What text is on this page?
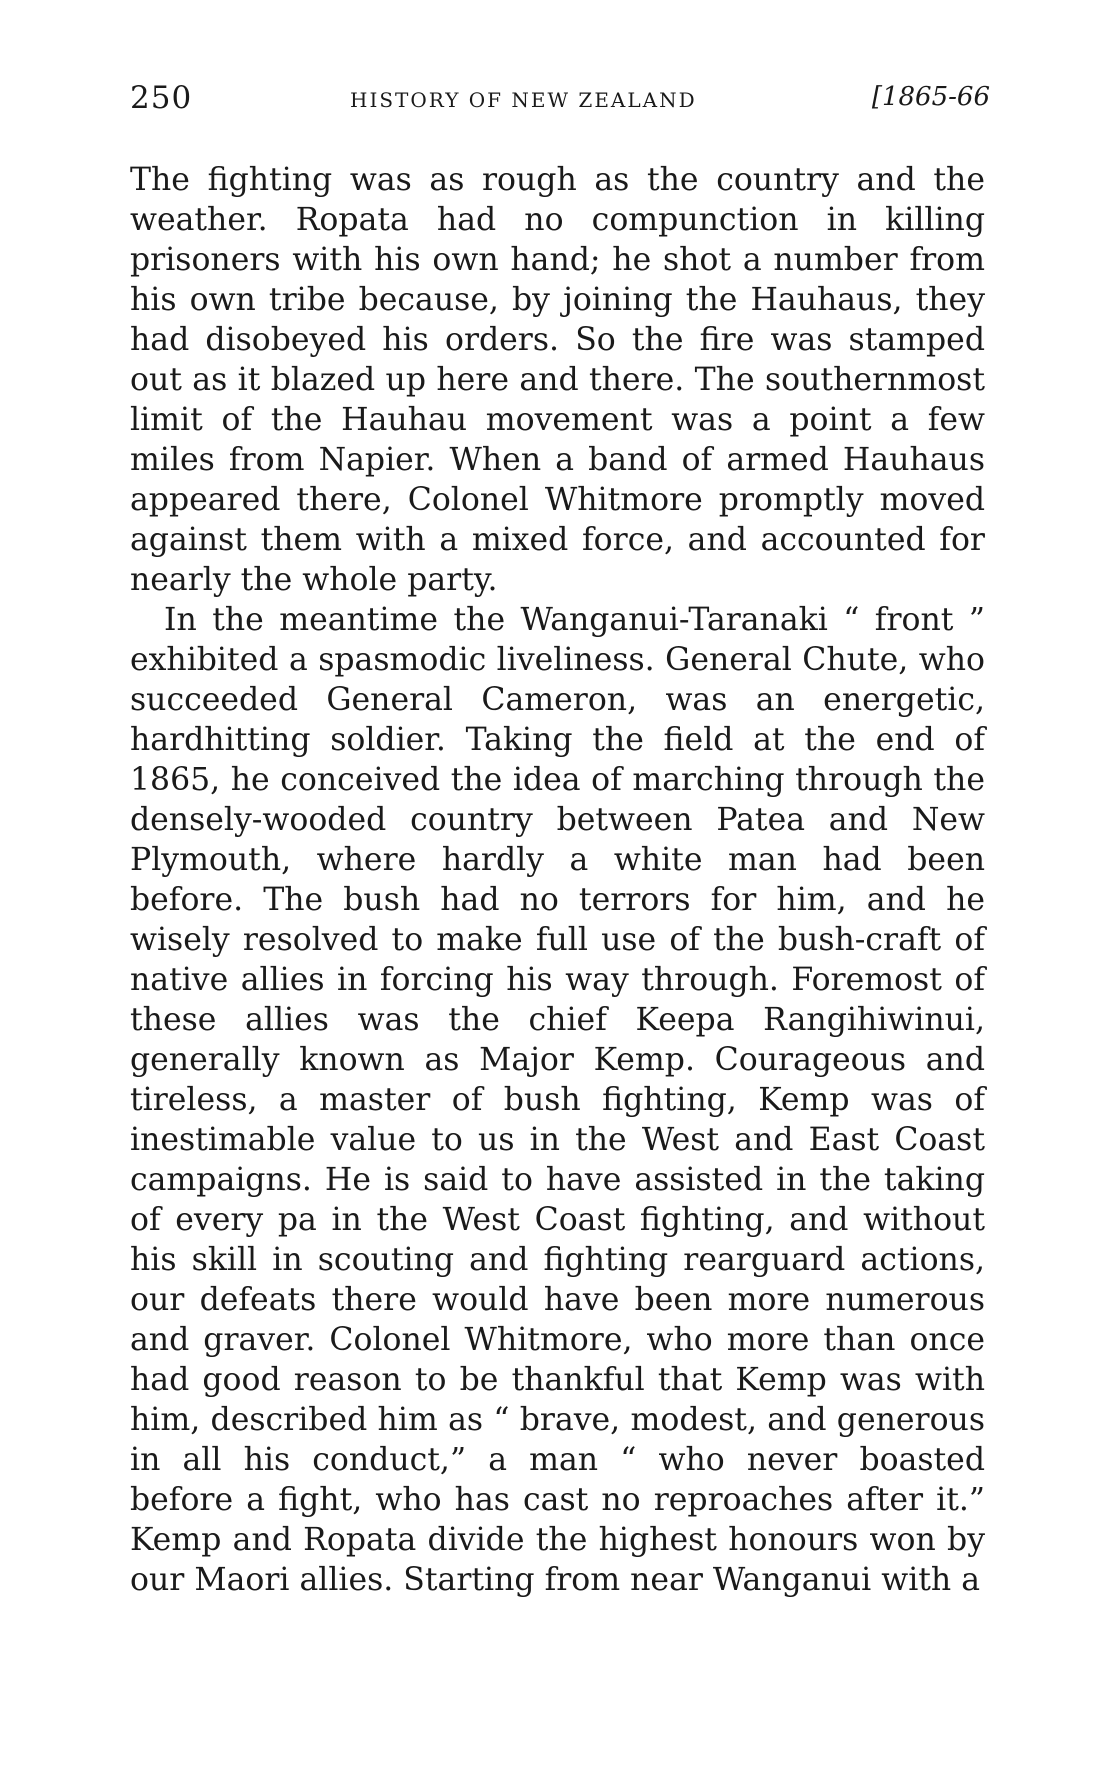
250	HISTORY OF NEW ZEALAND	[1865-66

The fighting was as rough as the country and the weather. Ropata had no compunction in killing prisoners with his own hand; he shot a number from his own tribe because, by joining the Hauhaus, they had disobeyed his orders. So the fire was stamped out as it blazed up here and there. The southernmost limit of the Hauhau movement was a point a few miles from Napier. When a band of armed Hauhaus appeared there, Colonel Whitmore promptly moved against them with a mixed force, and accounted for nearly the whole party.

In the meantime the Wanganui-Taranaki “ front ” exhibited a spasmodic liveliness. General Chute, who succeeded General Cameron, was an energetic, hardhitting soldier. Taking the field at the end of 1865, he conceived the idea of marching through the densely-wooded country between Patea and New Plymouth, where hardly a white man had been before. The bush had no terrors for him, and he wisely resolved to make full use of the bush-craft of native allies in forcing his way through. Foremost of these allies was the chief Keepa Rangihiwinui, generally known as Major Kemp. Courageous and tireless, a master of bush fighting, Kemp was of inestimable value to us in the West and East Coast campaigns. He is said to have assisted in the taking of every pa in the West Coast fighting, and without his skill in scouting and fighting rearguard actions, our defeats there would have been more numerous and graver. Colonel Whitmore, who more than once had good reason to be thankful that Kemp was with him, described him as “ brave, modest, and generous in all his conduct,” a man “ who never boasted before a fight, who has cast no reproaches after it.” Kemp and Ropata divide the highest honours won by our Maori allies. Starting from near Wanganui with a
